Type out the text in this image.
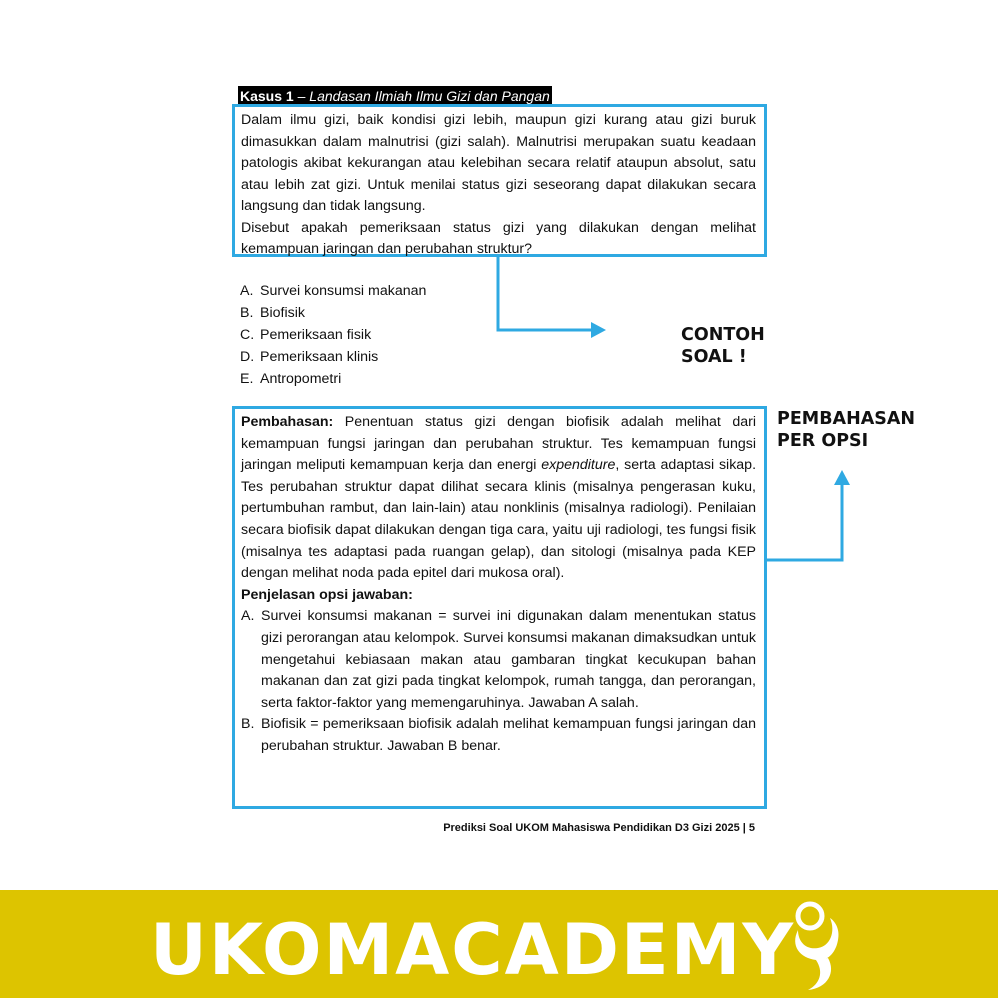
Kasus 1 – Landasan Ilmiah Ilmu Gizi dan Pangan

Dalam ilmu gizi, baik kondisi gizi lebih, maupun gizi kurang atau gizi buruk dimasukkan dalam malnutrisi (gizi salah). Malnutrisi merupakan suatu keadaan patologis akibat kekurangan atau kelebihan secara relatif ataupun absolut, satu atau lebih zat gizi. Untuk menilai status gizi seseorang dapat dilakukan secara langsung dan tidak langsung.

Disebut apakah pemeriksaan status gizi yang dilakukan dengan melihat kemampuan jaringan dan perubahan struktur?

A. Survei konsumsi makanan
B. Biofisik
C. Pemeriksaan fisik
D. Pemeriksaan klinis
E. Antropometri
CONTOH
SOAL !
PEMBAHASAN
PER OPSI

Pembahasan: Penentuan status gizi dengan biofisik adalah melihat dari kemampuan fungsi jaringan dan perubahan struktur. Tes kemampuan fungsi jaringan meliputi kemampuan kerja dan energi expenditure, serta adaptasi sikap. Tes perubahan struktur dapat dilihat secara klinis (misalnya pengerasan kuku, pertumbuhan rambut, dan lain-lain) atau nonklinis (misalnya radiologi). Penilaian secara biofisik dapat dilakukan dengan tiga cara, yaitu uji radiologi, tes fungsi fisik (misalnya tes adaptasi pada ruangan gelap), dan sitologi (misalnya pada KEP dengan melihat noda pada epitel dari mukosa oral).

Penjelasan opsi jawaban:

A. Survei konsumsi makanan = survei ini digunakan dalam menentukan status gizi perorangan atau kelompok. Survei konsumsi makanan dimaksudkan untuk mengetahui kebiasaan makan atau gambaran tingkat kecukupan bahan makanan dan zat gizi pada tingkat kelompok, rumah tangga, dan perorangan, serta faktor-faktor yang memengaruhinya. Jawaban A salah.
B. Biofisik = pemeriksaan biofisik adalah melihat kemampuan fungsi jaringan dan perubahan struktur. Jawaban B benar.
Prediksi Soal UKOM Mahasiswa Pendidikan D3 Gizi 2025 | 5
UKOMACADEMY
